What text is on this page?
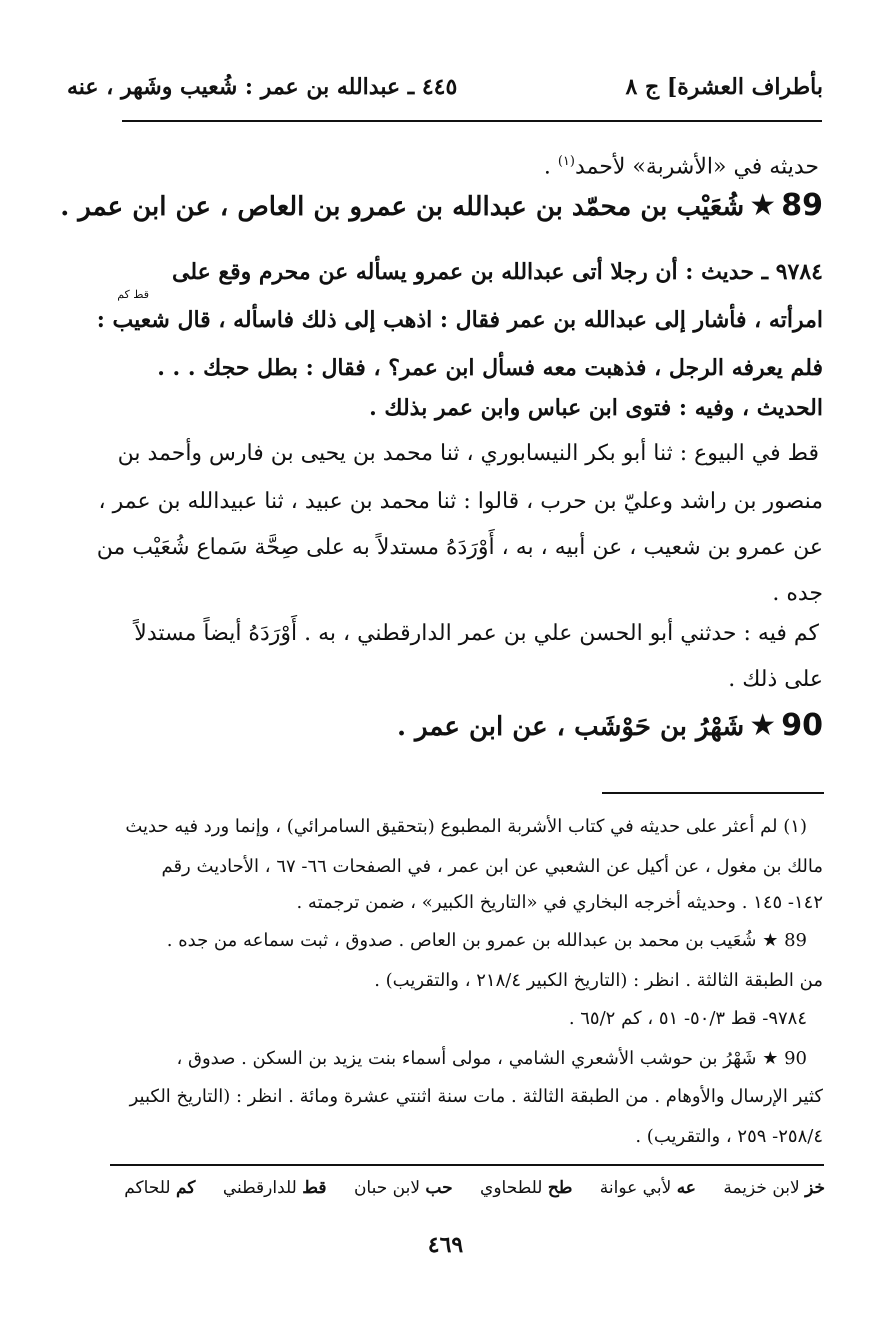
بأطراف العشرة] ج ٨
٤٤٥ ـ عبدالله بن عمر : شُعيب وشَهر ، عنه
حديثه في «الأشربة» لأحمد$^{(١)}$ .
89 ★ شُعَيْب بن محمّد بن عبدالله بن عمرو بن العاص ، عن ابن عمر .
٩٧٨٤ ـ حديث : أن رجلا أتى عبدالله بن عمرو يسأله عن محرم وقع على
قط كم
امرأته ، فأشار إلى عبدالله بن عمر فقال : اذهب إلى ذلك فاسأله ، قال شعيب :
فلم يعرفه الرجل ، فذهبت معه فسأل ابن عمر؟ ، فقال : بطل حجك . . .
الحديث ، وفيه : فتوى ابن عباس وابن عمر بذلك .
قط في البيوع : ثنا أبو بكر النيسابوري ، ثنا محمد بن يحيى بن فارس وأحمد بن
منصور بن راشد وعليّ بن حرب ، قالوا : ثنا محمد بن عبيد ، ثنا عبيدالله بن عمر ،
عن عمرو بن شعيب ، عن أبيه ، به ، أَوْرَدَهُ مستدلاً به على صِحَّة سَماع شُعَيْب من
جده .
كم فيه : حدثني أبو الحسن علي بن عمر الدارقطني ، به . أَوْرَدَهُ أيضاً مستدلاً
على ذلك .
90 ★ شَهْرُ بن حَوْشَب ، عن ابن عمر .
(١) لم أعثر على حديثه في كتاب الأشربة المطبوع (بتحقيق السامرائي) ، وإنما ورد فيه حديث
مالك بن مغول ، عن أكيل عن الشعبي عن ابن عمر ، في الصفحات ٦٦- ٦٧ ، الأحاديث رقم
١٤٢- ١٤٥ . وحديثه أخرجه البخاري في «التاريخ الكبير» ، ضمن ترجمته .
89 ★ شُعَيب بن محمد بن عبدالله بن عمرو بن العاص . صدوق ، ثبت سماعه من جده .
من الطبقة الثالثة . انظر : (التاريخ الكبير ٢١٨/٤ ، والتقريب) .
٩٧٨٤- قط ٥٠/٣- ٥١ ، كم ٦٥/٢ .
90 ★ شَهْرُ بن حوشب الأشعري الشامي ، مولى أسماء بنت يزيد بن السكن . صدوق ،
كثير الإرسال والأوهام . من الطبقة الثالثة . مات سنة اثنتي عشرة ومائة . انظر : (التاريخ الكبير
٢٥٨/٤- ٢٥٩ ، والتقريب) .
خز لابن خزيمة عه لأبي عوانة طح للطحاوي حب لابن حبان قط للدارقطني كم للحاكم
٤٦٩
